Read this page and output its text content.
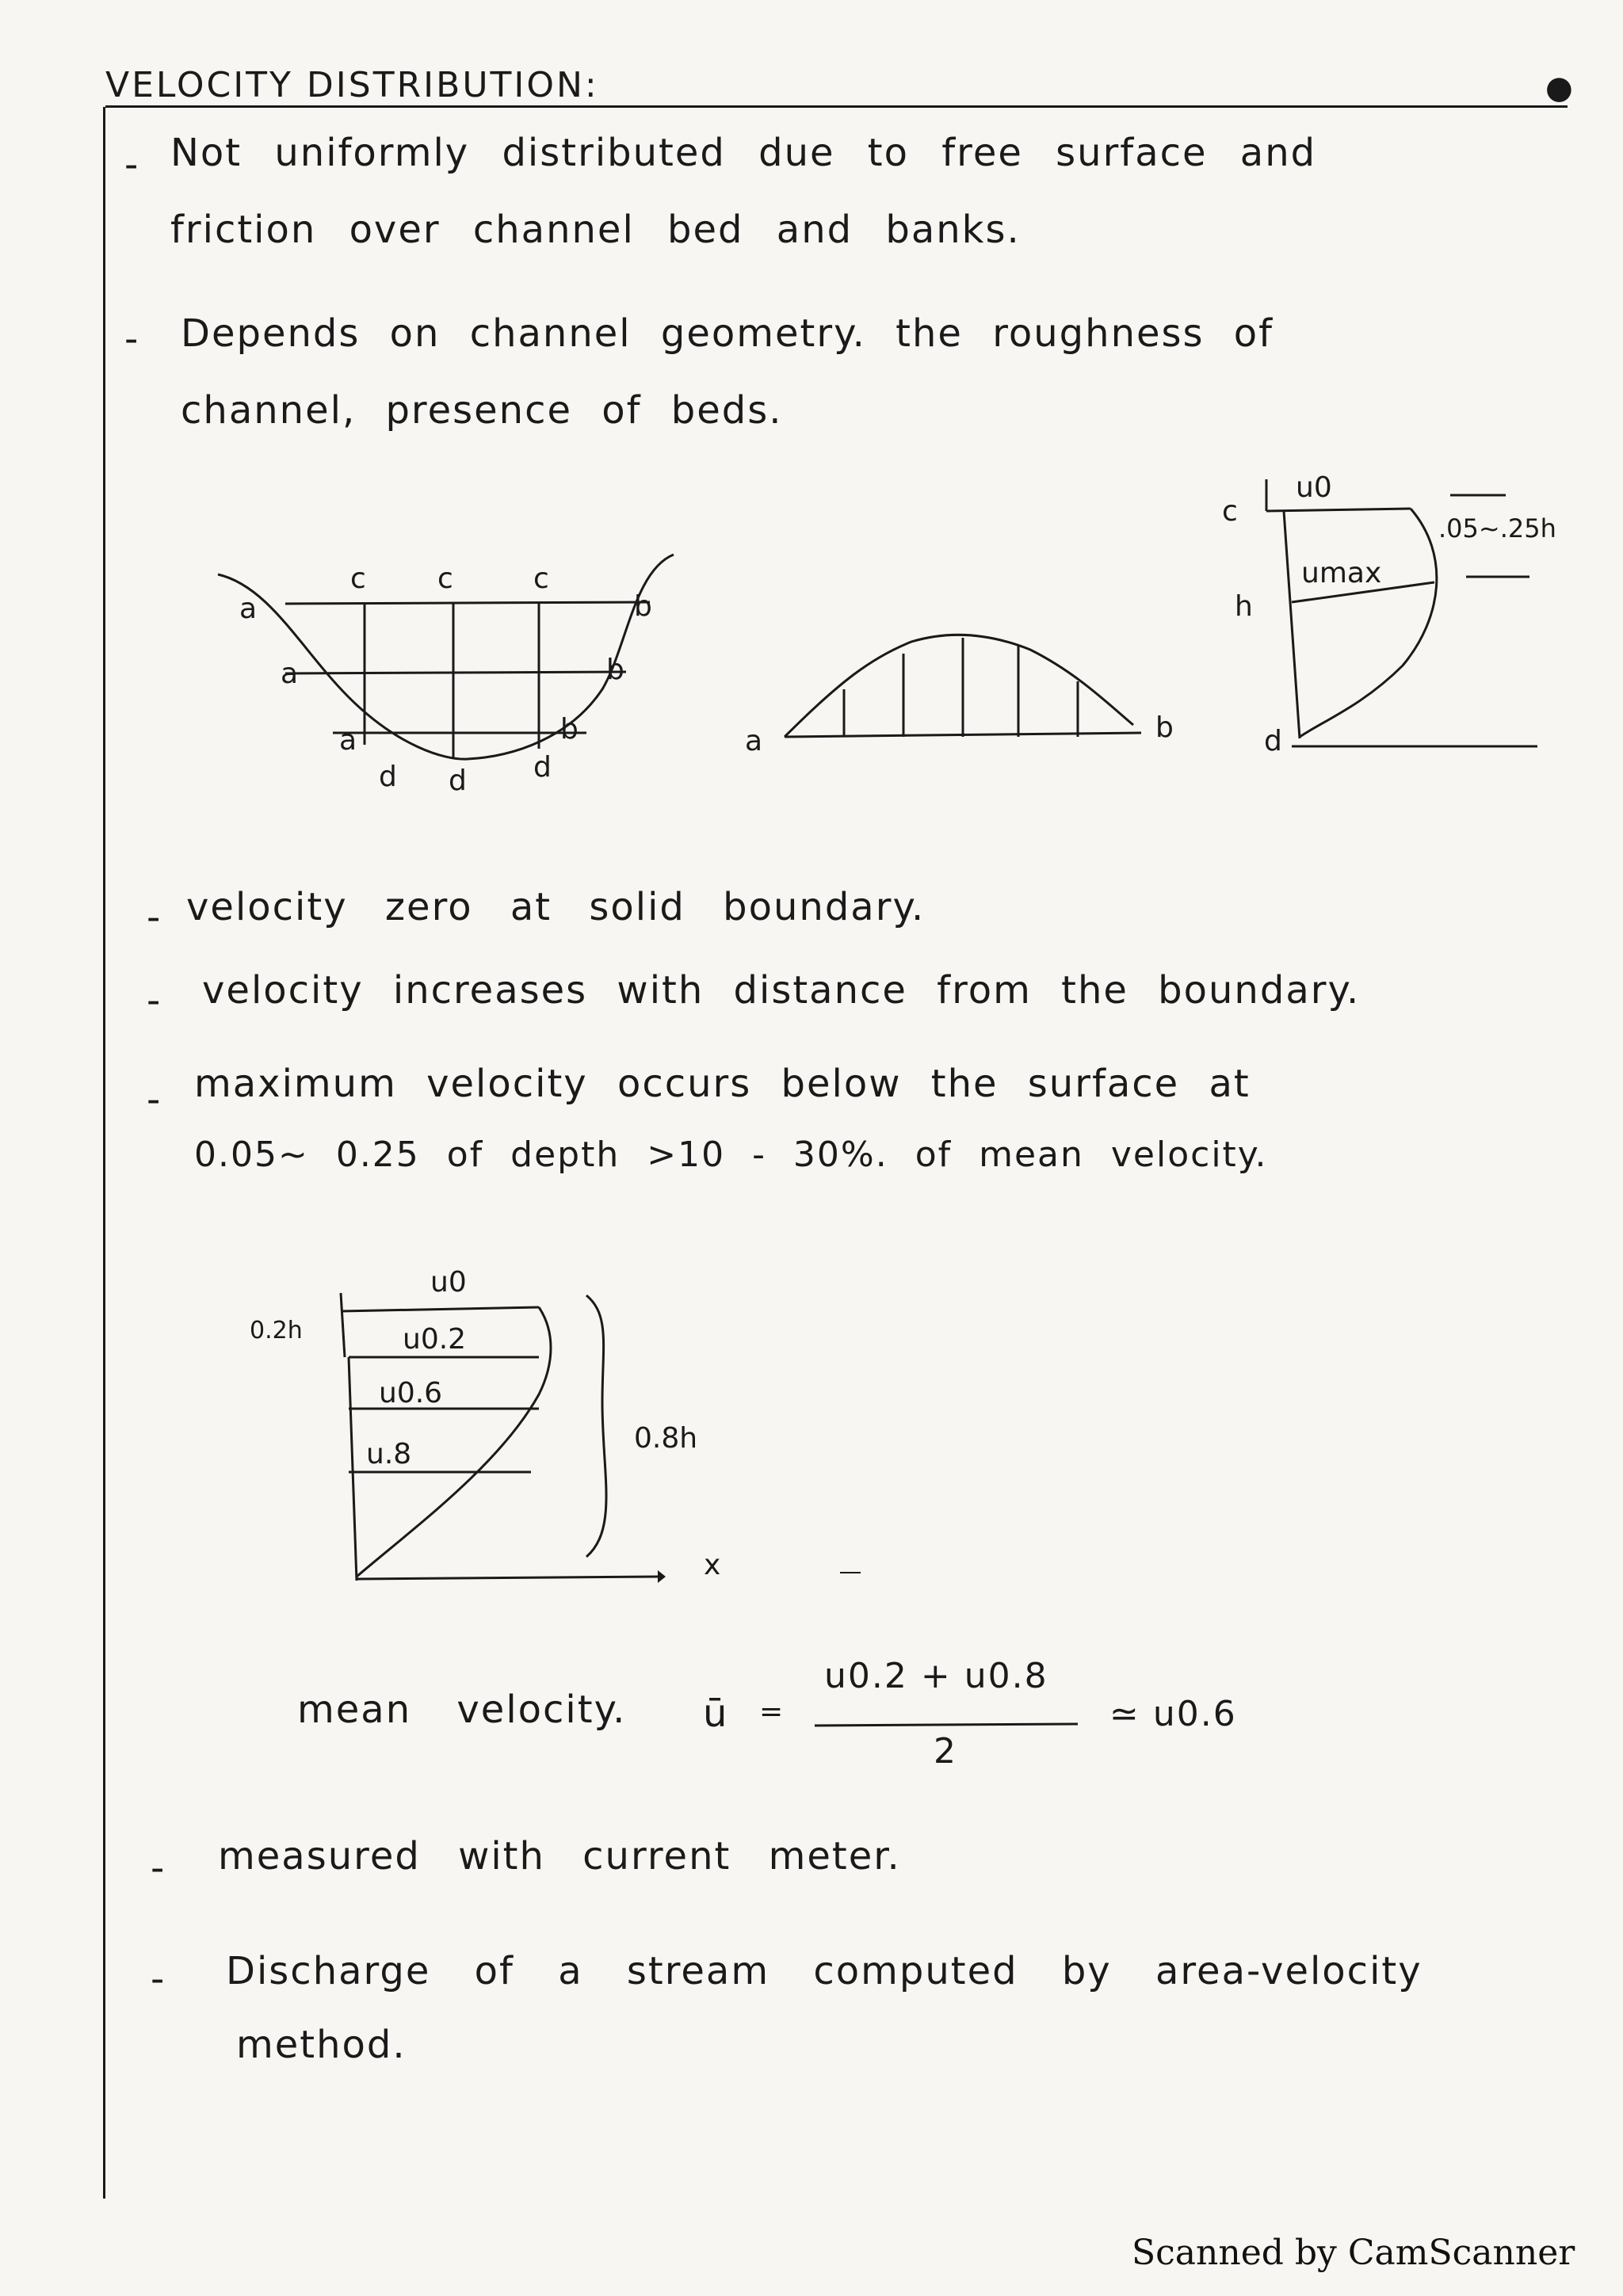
●
VELOCITY DISTRIBUTION:
- Not uniformly distributed due to free surface and
friction over channel bed and banks.
- Depends on channel geometry. the roughness of
channel, presence of beds.
a
a
a
c	c	c
b
b
b
d d d
a	b
c
u0
umax
h
d
.05~.25h
- velocity zero at solid boundary.
- velocity increases with distance from the boundary.
- maximum velocity occurs below the surface at
0.05~ 0.25 of depth >10 - 30%. of mean velocity.
u0
0.2h	u0.2
u0.6
u.8	0.8h
x
mean velocity. ū =
u0.2 + u0.8
2
≃ u0.6
- measured with current meter.
- Discharge of a stream computed by area-velocity
method.
Scanned by CamScanner
